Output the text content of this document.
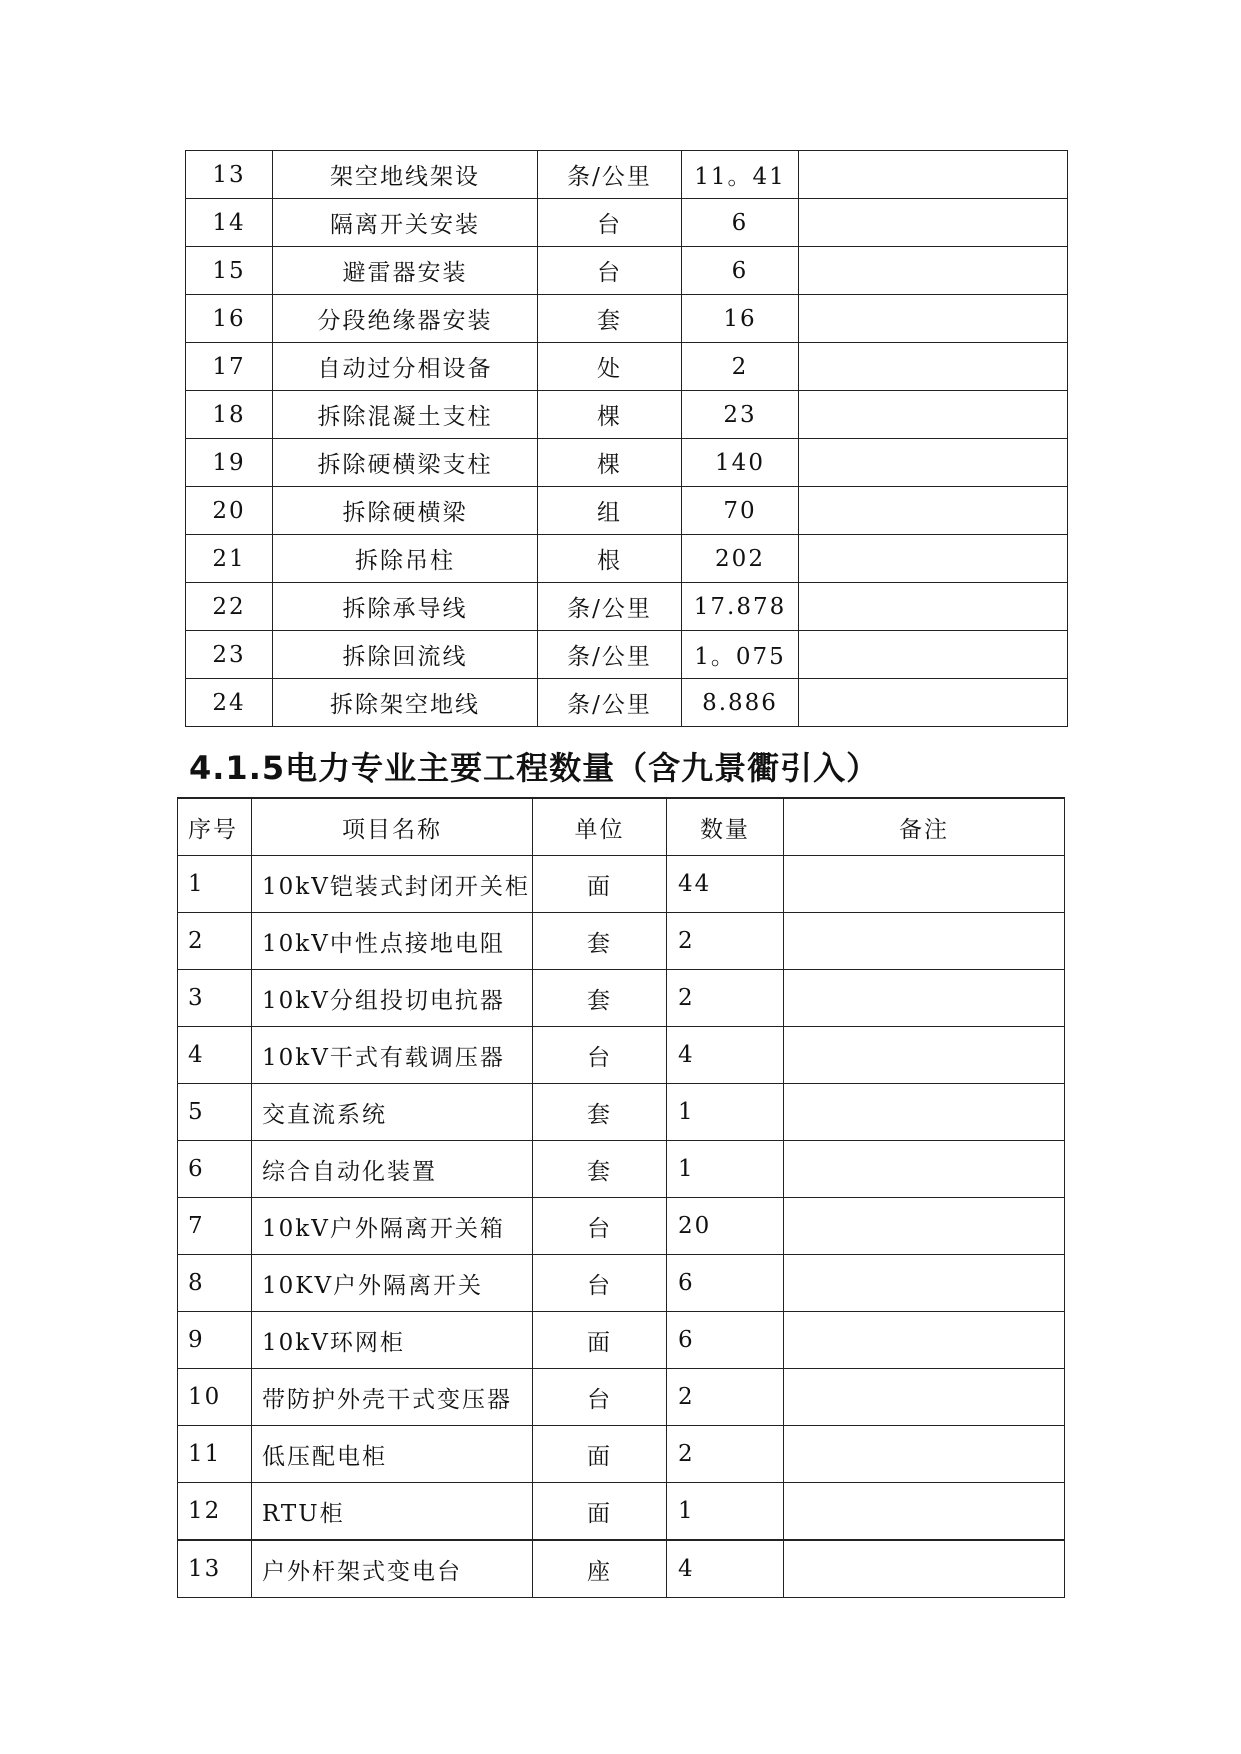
13	架空地线架设	条/公里	11。41	
14	隔离开关安装	台	6	
15	避雷器安装	台	6	
16	分段绝缘器安装	套	16	
17	自动过分相设备	处	2	
18	拆除混凝土支柱	棵	23	
19	拆除硬横梁支柱	棵	140	
20	拆除硬横梁	组	70	
21	拆除吊柱	根	202	
22	拆除承导线	条/公里	17.878	
23	拆除回流线	条/公里	1。075	
24	拆除架空地线	条/公里	8.886	
4.1.5电力专业主要工程数量（含九景衢引入）
序号	项目名称	单位	数量	备注
1	10kV铠装式封闭开关柜	面	44	
2	10kV中性点接地电阻	套	2	
3	10kV分组投切电抗器	套	2	
4	10kV干式有载调压器	台	4	
5	交直流系统	套	1	
6	综合自动化装置	套	1	
7	10kV户外隔离开关箱	台	20	
8	10KV户外隔离开关	台	6	
9	10kV环网柜	面	6	
10	带防护外壳干式变压器	台	2	
11	低压配电柜	面	2	
12	RTU柜	面	1	
13	户外杆架式变电台	座	4	
